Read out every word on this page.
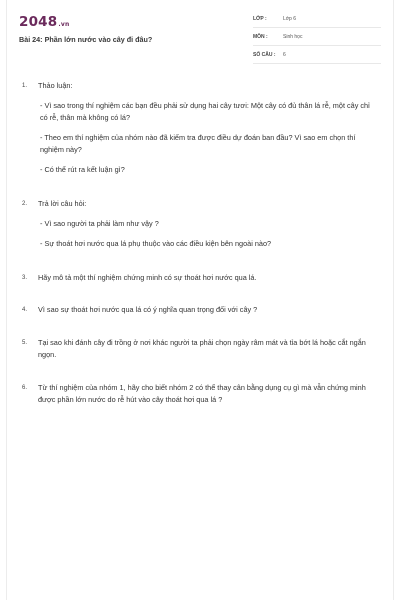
2048.vn
Bài 24: Phần lớn nước vào cây đi đâu?
LỚP :	Lớp 6
MÔN :	Sinh học
SỐ CÂU : 6
1. Thảo luận:
- Vì sao trong thí nghiệm các bạn đều phải sử dụng hai cây tươi: Một cây có đủ thân lá rễ, một cây chỉ có rễ, thân mà không có lá?
- Theo em thí nghiệm của nhóm nào đã kiếm tra được điều dự đoán ban đầu? Vì sao em chọn thí nghiệm này?
- Có thể rút ra kết luận gì?
2. Trả lời câu hỏi:
- Vì sao người ta phải làm như vậy ?
- Sự thoát hơi nước qua lá phụ thuộc vào các điều kiện bên ngoài nào?
3. Hãy mô tả một thí nghiệm chứng minh có sự thoát hơi nước qua lá.
4. Vì sao sự thoát hơi nước qua lá có ý nghĩa quan trọng đối với cây ?
5. Tại sao khi đánh cây đi trồng ở nơi khác người ta phải chọn ngày râm mát và tỉa bớt lá hoặc cắt ngắn ngọn.
6. Từ thí nghiệm của nhóm 1, hãy cho biết nhóm 2 có thể thay cân bằng dụng cụ gì mà vẫn chứng minh được phần lớn nước do rễ hút vào cây thoát hơi qua lá ?
